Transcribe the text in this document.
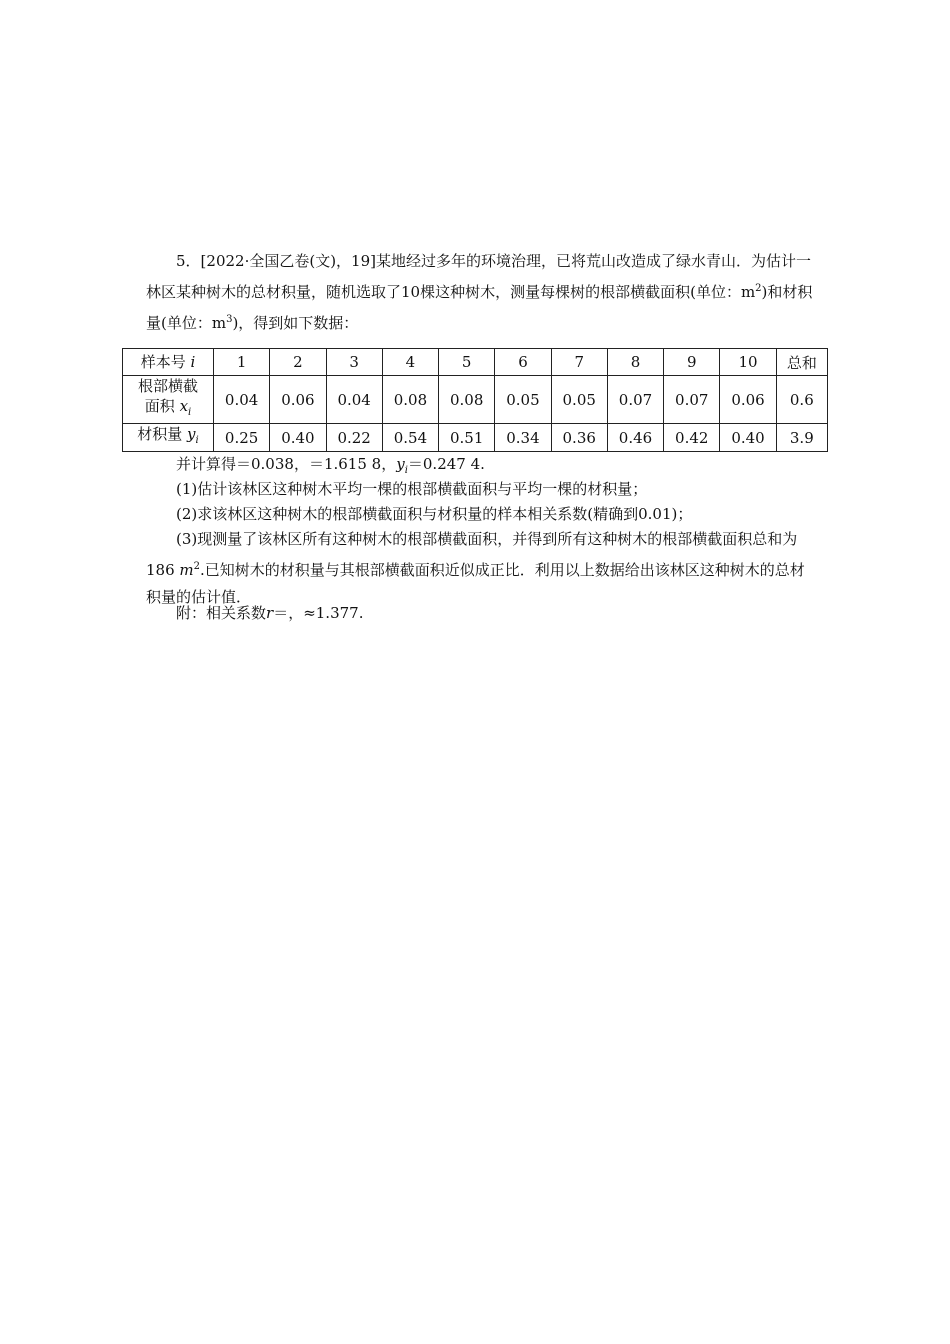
5．[2022·全国乙卷(文)，19]某地经过多年的环境治理，已将荒山改造成了绿水青山．为估计一林区某种树木的总材积量，随机选取了10棵这种树木，测量每棵树的根部横截面积(单位：$m^2$)和材积量(单位：$m^3$)，得到如下数据：

样本号 i	1	2	3	4	5	6	7	8	9	10	总和
根部横截
面积 $x_i$	0.04	0.06	0.04	0.08	0.08	0.05	0.05	0.07	0.07	0.06	0.6
材积量 $y_i$	0.25	0.40	0.22	0.54	0.51	0.34	0.36	0.46	0.42	0.40	3.9

并计算得＝0.038，＝1.615 8，$y_i=0.247$ 4.

(1)估计该林区这种树木平均一棵的根部横截面积与平均一棵的材积量；

(2)求该林区这种树木的根部横截面积与材积量的样本相关系数(精确到0.01)；

(3)现测量了该林区所有这种树木的根部横截面积，并得到所有这种树木的根部横截面积总和为186 $m^2$.已知树木的材积量与其根部横截面积近似成正比．利用以上数据给出该林区这种树木的总材积量的估计值．

附：相关系数r＝，≈1.377.
